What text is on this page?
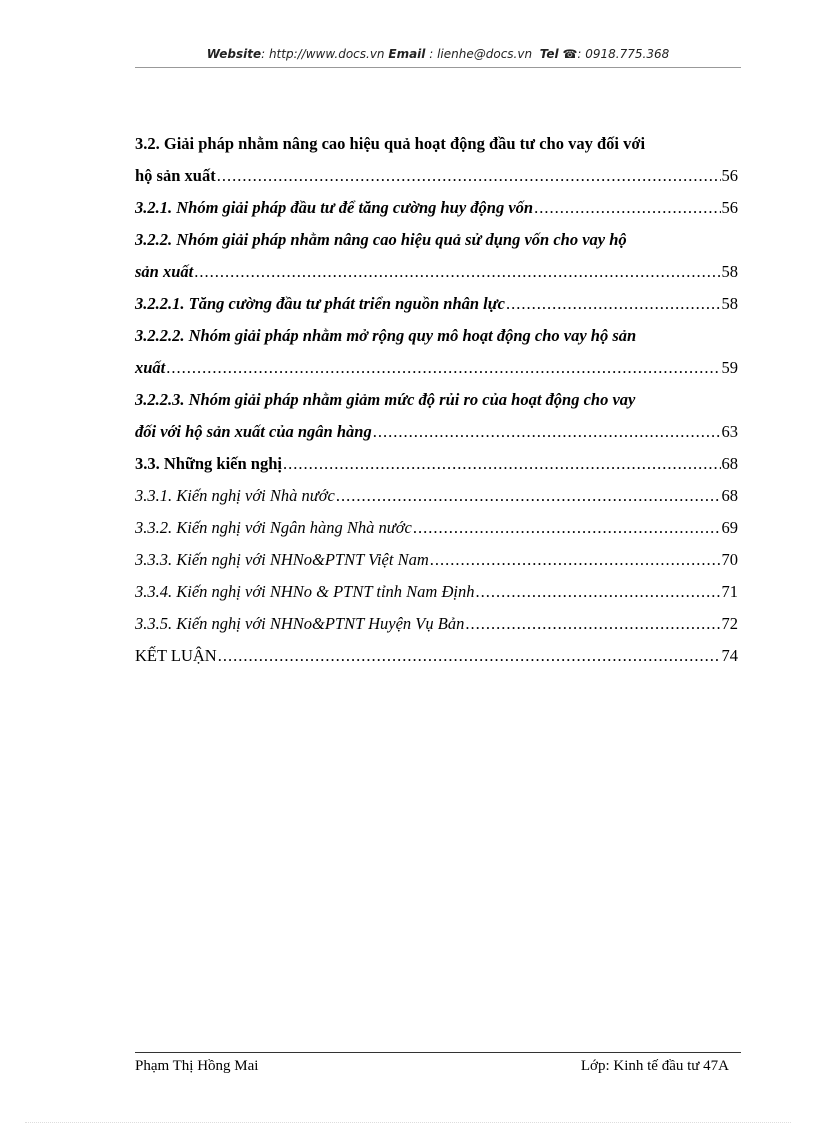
Website: http://www.docs.vn Email : lienhe@docs.vn Tel ☎: 0918.775.368
3.2. Giải pháp nhằm nâng cao hiệu quả hoạt động đầu tư cho vay đối với
hộ sản xuất .....	56
3.2.1. Nhóm giải pháp đầu tư để tăng cường huy động vốn .....	56
3.2.2. Nhóm giải pháp nhằm nâng cao hiệu quả sử dụng vốn cho vay hộ
sản xuất .....	58
3.2.2.1. Tăng cường đầu tư phát triển nguồn nhân lực .....	58
3.2.2.2. Nhóm giải pháp nhằm mở rộng quy mô hoạt động cho vay hộ sản
xuất .....	59
3.2.2.3. Nhóm giải pháp nhằm giảm mức độ rủi ro của hoạt động cho vay
đối với hộ sản xuất của ngân hàng .....	63
3.3. Những kiến nghị .....	68
3.3.1. Kiến nghị với Nhà nước .....	68
3.3.2. Kiến nghị với Ngân hàng Nhà nước .....	69
3.3.3. Kiến nghị với NHNo&PTNT Việt Nam .....	70
3.3.4. Kiến nghị với NHNo & PTNT tỉnh Nam Định .....	71
3.3.5. Kiến nghị với NHNo&PTNT Huyện Vụ Bản .....	72
KẾT LUẬN .....	74
Phạm Thị Hồng Mai	Lớp: Kinh tế đầu tư 47A
